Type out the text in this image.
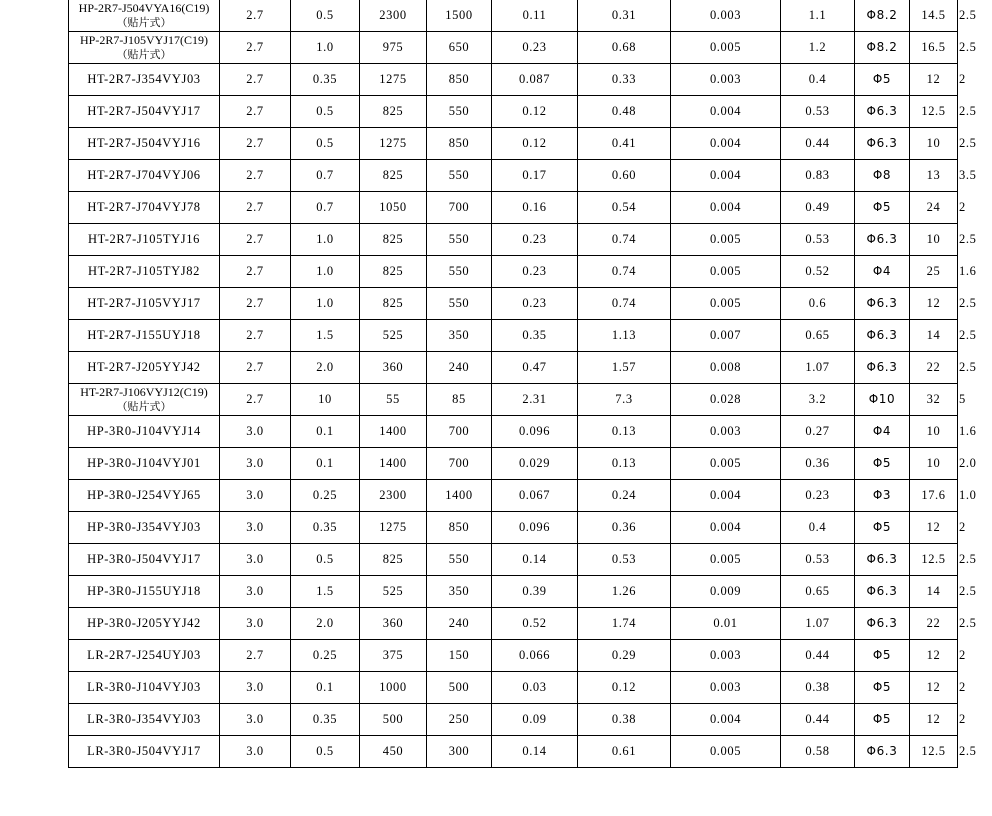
HP-2R7-J504VYA16(C19)
（贴片式）	2.7	0.5	2300	1500	0.11	0.31	0.003	1.1	Φ8.2	14.5	2.5
HP-2R7-J105VYJ17(C19)
（贴片式）	2.7	1.0	975	650	0.23	0.68	0.005	1.2	Φ8.2	16.5	2.5
HT-2R7-J354VYJ03	2.7	0.35	1275	850	0.087	0.33	0.003	0.4	Φ5	12	2
HT-2R7-J504VYJ17	2.7	0.5	825	550	0.12	0.48	0.004	0.53	Φ6.3	12.5	2.5
HT-2R7-J504VYJ16	2.7	0.5	1275	850	0.12	0.41	0.004	0.44	Φ6.3	10	2.5
HT-2R7-J704VYJ06	2.7	0.7	825	550	0.17	0.60	0.004	0.83	Φ8	13	3.5
HT-2R7-J704VYJ78	2.7	0.7	1050	700	0.16	0.54	0.004	0.49	Φ5	24	2
HT-2R7-J105TYJ16	2.7	1.0	825	550	0.23	0.74	0.005	0.53	Φ6.3	10	2.5
HT-2R7-J105TYJ82	2.7	1.0	825	550	0.23	0.74	0.005	0.52	Φ4	25	1.6
HT-2R7-J105VYJ17	2.7	1.0	825	550	0.23	0.74	0.005	0.6	Φ6.3	12	2.5
HT-2R7-J155UYJ18	2.7	1.5	525	350	0.35	1.13	0.007	0.65	Φ6.3	14	2.5
HT-2R7-J205YYJ42	2.7	2.0	360	240	0.47	1.57	0.008	1.07	Φ6.3	22	2.5
HT-2R7-J106VYJ12(C19)
（贴片式）	2.7	10	55	85	2.31	7.3	0.028	3.2	Φ10	32	5
HP-3R0-J104VYJ14	3.0	0.1	1400	700	0.096	0.13	0.003	0.27	Φ4	10	1.6
HP-3R0-J104VYJ01	3.0	0.1	1400	700	0.029	0.13	0.005	0.36	Φ5	10	2.0
HP-3R0-J254VYJ65	3.0	0.25	2300	1400	0.067	0.24	0.004	0.23	Φ3	17.6	1.0
HP-3R0-J354VYJ03	3.0	0.35	1275	850	0.096	0.36	0.004	0.4	Φ5	12	2
HP-3R0-J504VYJ17	3.0	0.5	825	550	0.14	0.53	0.005	0.53	Φ6.3	12.5	2.5
HP-3R0-J155UYJ18	3.0	1.5	525	350	0.39	1.26	0.009	0.65	Φ6.3	14	2.5
HP-3R0-J205YYJ42	3.0	2.0	360	240	0.52	1.74	0.01	1.07	Φ6.3	22	2.5
LR-2R7-J254UYJ03	2.7	0.25	375	150	0.066	0.29	0.003	0.44	Φ5	12	2
LR-3R0-J104VYJ03	3.0	0.1	1000	500	0.03	0.12	0.003	0.38	Φ5	12	2
LR-3R0-J354VYJ03	3.0	0.35	500	250	0.09	0.38	0.004	0.44	Φ5	12	2
LR-3R0-J504VYJ17	3.0	0.5	450	300	0.14	0.61	0.005	0.58	Φ6.3	12.5	2.5
